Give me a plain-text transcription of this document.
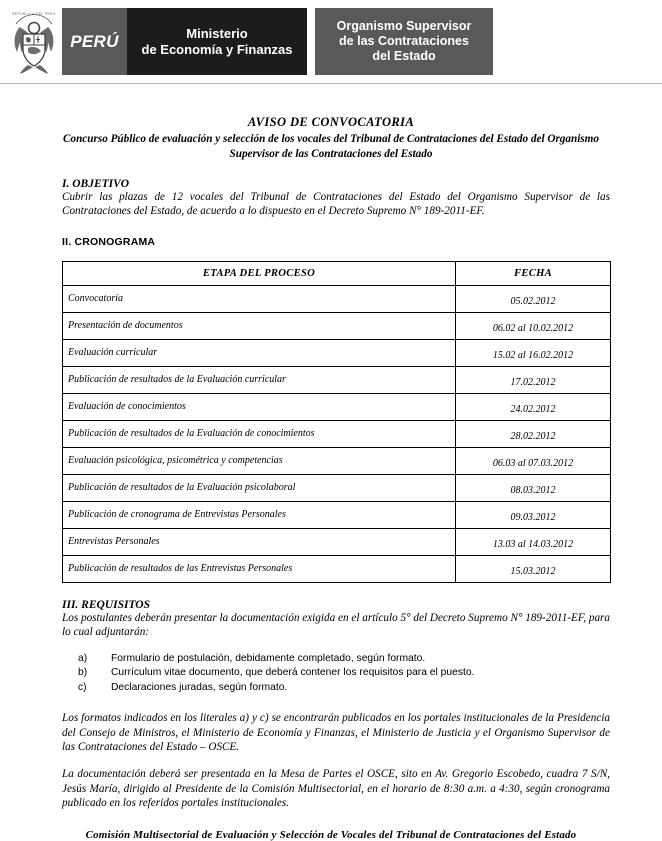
REPUBLICA DEL PERU
PERÚ	Ministerio
de Economía y Finanzas
Organismo Supervisor
de las Contrataciones
del Estado
AVISO DE CONVOCATORIA
Concurso Público de evaluación y selección de los vocales del Tribunal de Contrataciones del Estado del Organismo Supervisor de las Contrataciones del Estado
I. OBJETIVO
Cubrir las plazas de 12 vocales del Tribunal de Contrataciones del Estado del Organismo Supervisor de las Contrataciones del Estado, de acuerdo a lo dispuesto en el Decreto Supremo N° 189-2011-EF.
II. CRONOGRAMA
ETAPA DEL PROCESO	FECHA
Convocatoria	05.02.2012
Presentación de documentos	06.02 al 10.02.2012
Evaluación curricular	15.02 al 16.02.2012
Publicación de resultados de la Evaluación curricular	17.02.2012
Evaluación de conocimientos	24.02.2012
Publicación de resultados de la Evaluación de conocimientos	28.02.2012
Evaluación psicológica, psicométrica y competencias	06.03 al 07.03.2012
Publicación de resultados de la Evaluación psicolaboral	08.03.2012
Publicación de cronograma de Entrevistas Personales	09.03.2012
Entrevistas Personales	13.03 al 14.03.2012
Publicación de resultados de las Entrevistas Personales	15.03.2012
III. REQUISITOS
Los postulantes deberán presentar la documentación exigida en el artículo 5° del Decreto Supremo N° 189-2011-EF, para lo cual adjuntarán:
a)	Formulario de postulación, debidamente completado, según formato.
b)	Currículum vitae documento, que deberá contener los requisitos para el puesto.
c)	Declaraciones juradas, según formato.
Los formatos indicados en los literales a) y c) se encontrarán publicados en los portales institucionales de la Presidencia del Consejo de Ministros, el Ministerio de Economía y Finanzas, el Ministerio de Justicia y el Organismo Supervisor de las Contrataciones del Estado – OSCE.
La documentación deberá ser presentada en la Mesa de Partes el OSCE, sito en Av. Gregorio Escobedo, cuadra 7 S/N, Jesús María, dirigido al Presidente de la Comisión Multisectorial, en el horario de 8:30 a.m. a 4:30, según cronograma publicado en los referidos portales institucionales.
Comisión Multisectorial de Evaluación y Selección de Vocales del Tribunal de Contrataciones del Estado
